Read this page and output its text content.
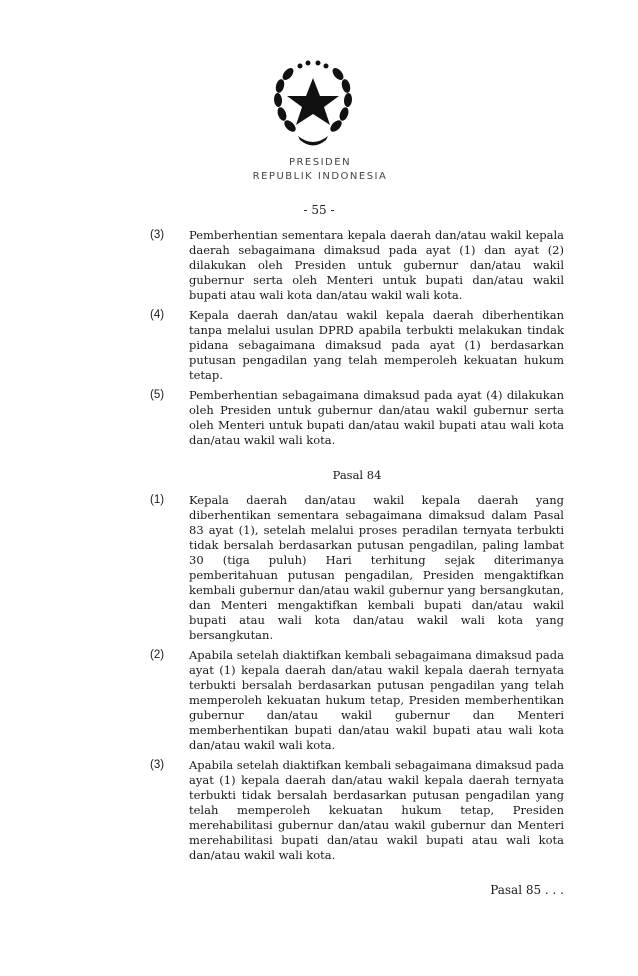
PRESIDEN
REPUBLIK INDONESIA
- 55 -
(3)	Pemberhentian sementara kepala daerah dan/atau wakil kepala daerah sebagaimana dimaksud pada ayat (1) dan ayat (2) dilakukan oleh Presiden untuk gubernur dan/atau wakil gubernur serta oleh Menteri untuk bupati dan/atau wakil bupati atau wali kota dan/atau wakil wali kota.
(4)	Kepala daerah dan/atau wakil kepala daerah diberhentikan tanpa melalui usulan DPRD apabila terbukti melakukan tindak pidana sebagaimana dimaksud pada ayat (1) berdasarkan putusan pengadilan yang telah memperoleh kekuatan hukum tetap.
(5)	Pemberhentian sebagaimana dimaksud pada ayat (4) dilakukan oleh Presiden untuk gubernur dan/atau wakil gubernur serta oleh Menteri untuk bupati dan/atau wakil bupati atau wali kota dan/atau wakil wali kota.
Pasal 84
(1)	Kepala daerah dan/atau wakil kepala daerah yang diberhentikan sementara sebagaimana dimaksud dalam Pasal 83 ayat (1), setelah melalui proses peradilan ternyata terbukti tidak bersalah berdasarkan putusan pengadilan, paling lambat 30 (tiga puluh) Hari terhitung sejak diterimanya pemberitahuan putusan pengadilan, Presiden mengaktifkan kembali gubernur dan/atau wakil gubernur yang bersangkutan, dan Menteri mengaktifkan kembali bupati dan/atau wakil bupati atau wali kota dan/atau wakil wali kota yang bersangkutan.
(2)	Apabila setelah diaktifkan kembali sebagaimana dimaksud pada ayat (1) kepala daerah dan/atau wakil kepala daerah ternyata terbukti bersalah berdasarkan putusan pengadilan yang telah memperoleh kekuatan hukum tetap, Presiden memberhentikan gubernur dan/atau wakil gubernur dan Menteri memberhentikan bupati dan/atau wakil bupati atau wali kota dan/atau wakil wali kota.
(3)	Apabila setelah diaktifkan kembali sebagaimana dimaksud pada ayat (1) kepala daerah dan/atau wakil kepala daerah ternyata terbukti tidak bersalah berdasarkan putusan pengadilan yang telah memperoleh kekuatan hukum tetap, Presiden merehabilitasi gubernur dan/atau wakil gubernur dan Menteri merehabilitasi bupati dan/atau wakil bupati atau wali kota dan/atau wakil wali kota.
Pasal 85 . . .
